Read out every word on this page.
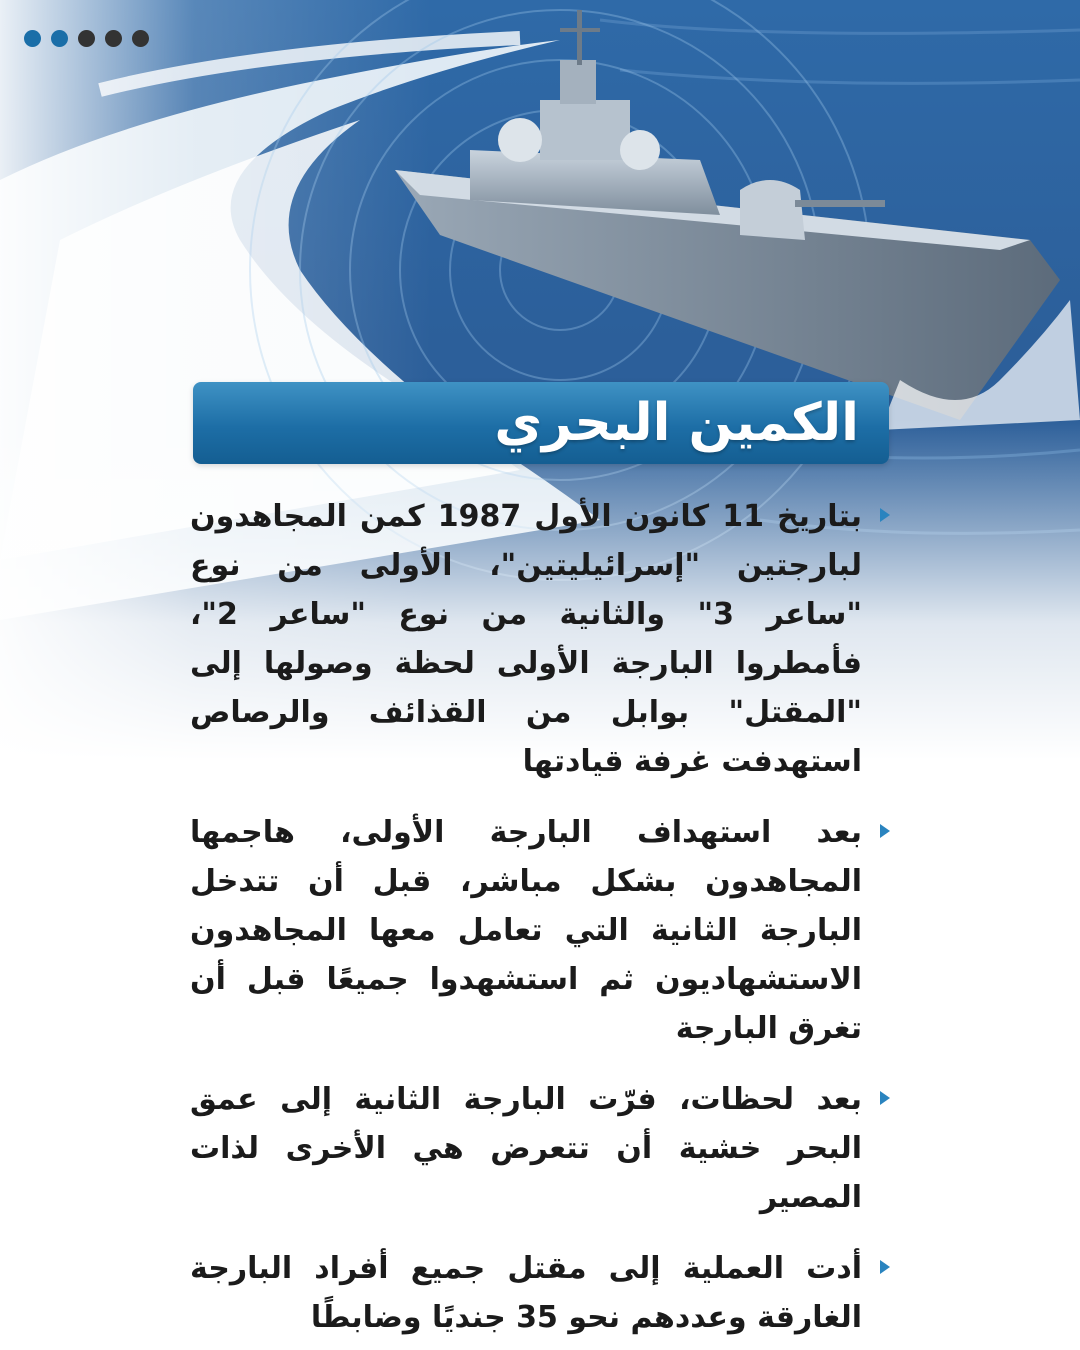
الكمين البحري

بتاريخ 11 كانون الأول 1987 كمن المجاهدون لبارجتين "إسرائيليتين"، الأولى من نوع "ساعر 3" والثانية من نوع "ساعر 2"، فأمطروا البارجة الأولى لحظة وصولها إلى "المقتل" بوابل من القذائف والرصاص استهدفت غرفة قيادتها

بعد استهداف البارجة الأولى، هاجمها المجاهدون بشكل مباشر، قبل أن تتدخل البارجة الثانية التي تعامل معها المجاهدون الاستشهاديون ثم استشهدوا جميعًا قبل أن تغرق البارجة

بعد لحظات، فرّت البارجة الثانية إلى عمق البحر خشية أن تتعرض هي الأخرى لذات المصير

أدت العملية إلى مقتل جميع أفراد البارجة الغارقة وعددهم نحو 35 جنديًا وضابطًا
